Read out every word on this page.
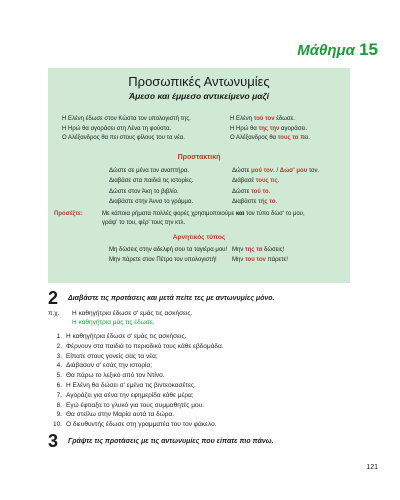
Μάθημα 15
Προσωπικές Αντωνυμίες
Άμεσο και έμμεσο αντικείμενο μαζί
Η Ελένη έδωσε στον Κώστα τον υπολογιστή της.	Η Ελένη τού τον έδωσε.
Η Ηρώ θα αγοράσει στη Λένα τη φούστα.	Η Ηρώ θα της την αγοράσει.
Ο Αλέξανδρος θα πει στους φίλους του τα νέα.	Ο Αλέξανδρος θα τους τα πει.
Προστακτική
Δώστε σε μένα τον αναπτήρα.	Δώστε μού τον. / Δώσ' μου τον.
Διαβάσε στα παιδιά τις ιστορίες.	Διάβασέ τους τις.
Δώστε στον Άκη το βιβλίο.	Δώστε τού το.
Διαβάστε στην Άννα το γράμμα.	Διαβάστε τής το.
Προσέξτε:	Με κάποια ρήματα πολλές φορές χρησιμοποιούμε και τον τύπο δώσ' το μου,
γράψ' το του, φέρ' τους την κτλ.
Αρνητικός τύπος
Μη δώσεις στην αδελφή σου τα ταγιέρα μου! Μην της τα δώσεις!
Μην πάρετε στον Πέτρο τον υπολογιστή!	Μην του τον πάρετε!
2 Διαβάστε τις προτάσεις και μετά πείτε τες με αντωνυμίες μόνο.
π.χ. Η καθηγήτρια έδωσε σ' εμάς τις ασκήσεις.
Η καθηγήτρια μάς τις έδωσε.
1. Η καθηγήτρια έδωσε σ' εμάς τις ασκήσεις.
2. Φέρνουν στα παιδιά το περιοδικό τους κάθε εβδομάδα.
3. Είπατε στους γονείς σας τα νέα;
4. Διάβασαν σ' εσάς την ιστορία;
5. Θα πάρω το λεξικό από τον Ντίνο.
6. Η Ελένη θα δώσει σ' εμένα τις βιντεοκασέτες.
7. Αγοράζει για σένα την εφημερίδα κάθε μέρα;
8. Εγώ έφτιαξα το γλυκό για τους συμμαθητές μου.
9. Θα στείλω στην Μαρία αυτά τα δώρα.
10. Ο διευθυντής έδωσε στη γραμματέα του τον φάκελο.
3 Γράψτε τις προτάσεις με τις αντωνυμίες που είπατε πιο πάνω.
121
